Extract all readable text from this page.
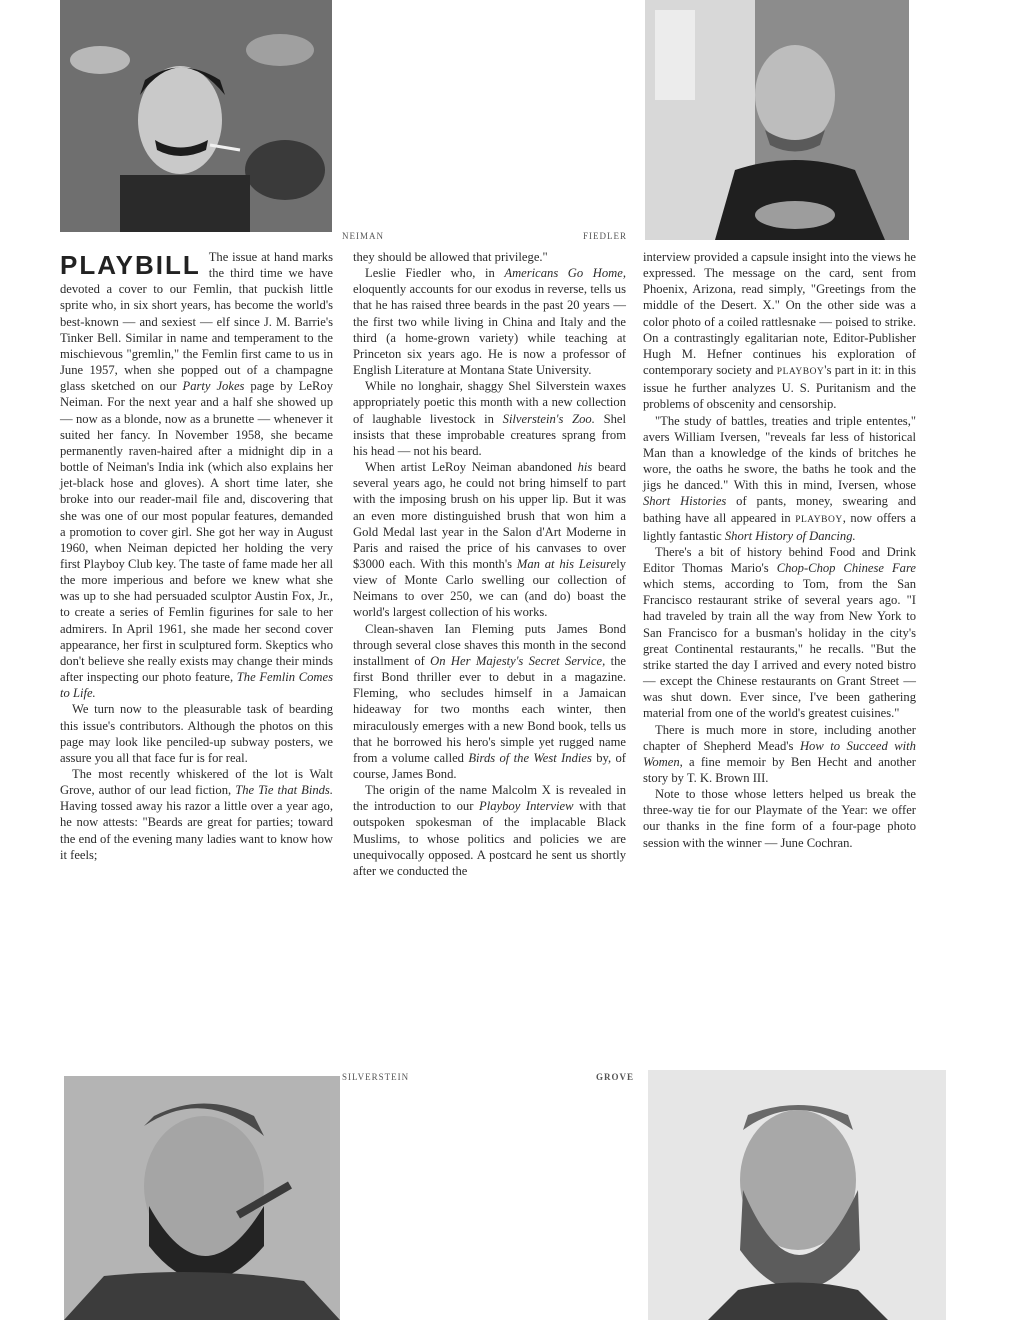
NEIMAN	FIEDLER
SILVERSTEIN	GROVE

PLAYBILL The issue at hand marks the third time we have devoted a cover to our Femlin, that puckish little sprite who, in six short years, has become the world's best-known — and sexiest — elf since J. M. Barrie's Tinker Bell. Similar in name and temperament to the mischievous "gremlin," the Femlin first came to us in June 1957, when she popped out of a champagne glass sketched on our Party Jokes page by LeRoy Neiman. For the next year and a half she showed up — now as a blonde, now as a brunette — whenever it suited her fancy. In November 1958, she became permanently raven-haired after a midnight dip in a bottle of Neiman's India ink (which also explains her jet-black hose and gloves). A short time later, she broke into our reader-mail file and, discovering that she was one of our most popular features, demanded a promotion to cover girl. She got her way in August 1960, when Neiman depicted her holding the very first Playboy Club key. The taste of fame made her all the more imperious and before we knew what she was up to she had persuaded sculptor Austin Fox, Jr., to create a series of Femlin figurines for sale to her admirers. In April 1961, she made her second cover appearance, her first in sculptured form. Skeptics who don't believe she really exists may change their minds after inspecting our photo feature, The Femlin Comes to Life.

We turn now to the pleasurable task of bearding this issue's contributors. Although the photos on this page may look like penciled-up subway posters, we assure you all that face fur is for real.

The most recently whiskered of the lot is Walt Grove, author of our lead fiction, The Tie that Binds. Having tossed away his razor a little over a year ago, he now attests: "Beards are great for parties; toward the end of the evening many ladies want to know how it feels;

they should be allowed that privilege."

Leslie Fiedler who, in Americans Go Home, eloquently accounts for our exodus in reverse, tells us that he has raised three beards in the past 20 years — the first two while living in China and Italy and the third (a home-grown variety) while teaching at Princeton six years ago. He is now a professor of English Literature at Montana State University.

While no longhair, shaggy Shel Silverstein waxes appropriately poetic this month with a new collection of laughable livestock in Silverstein's Zoo. Shel insists that these improbable creatures sprang from his head — not his beard.

When artist LeRoy Neiman abandoned his beard several years ago, he could not bring himself to part with the imposing brush on his upper lip. But it was an even more distinguished brush that won him a Gold Medal last year in the Salon d'Art Moderne in Paris and raised the price of his canvases to over $3000 each. With this month's Man at his Leisurely view of Monte Carlo swelling our collection of Neimans to over 250, we can (and do) boast the world's largest collection of his works.

Clean-shaven Ian Fleming puts James Bond through several close shaves this month in the second installment of On Her Majesty's Secret Service, the first Bond thriller ever to debut in a magazine. Fleming, who secludes himself in a Jamaican hideaway for two months each winter, then miraculously emerges with a new Bond book, tells us that he borrowed his hero's simple yet rugged name from a volume called Birds of the West Indies by, of course, James Bond.

The origin of the name Malcolm X is revealed in the introduction to our Playboy Interview with that outspoken spokesman of the implacable Black Muslims, to whose politics and policies we are unequivocally opposed. A postcard he sent us shortly after we conducted the

interview provided a capsule insight into the views he expressed. The message on the card, sent from Phoenix, Arizona, read simply, "Greetings from the middle of the Desert. X." On the other side was a color photo of a coiled rattlesnake — poised to strike. On a contrastingly egalitarian note, Editor-Publisher Hugh M. Hefner continues his exploration of contemporary society and PLAYBOY's part in it: in this issue he further analyzes U. S. Puritanism and the problems of obscenity and censorship.

"The study of battles, treaties and triple ententes," avers William Iversen, "reveals far less of historical Man than a knowledge of the kinds of britches he wore, the oaths he swore, the baths he took and the jigs he danced." With this in mind, Iversen, whose Short Histories of pants, money, swearing and bathing have all appeared in PLAYBOY, now offers a lightly fantastic Short History of Dancing.

There's a bit of history behind Food and Drink Editor Thomas Mario's Chop-Chop Chinese Fare which stems, according to Tom, from the San Francisco restaurant strike of several years ago. "I had traveled by train all the way from New York to San Francisco for a busman's holiday in the city's great Continental restaurants," he recalls. "But the strike started the day I arrived and every noted bistro — except the Chinese restaurants on Grant Street — was shut down. Ever since, I've been gathering material from one of the world's greatest cuisines."

There is much more in store, including another chapter of Shepherd Mead's How to Succeed with Women, a fine memoir by Ben Hecht and another story by T. K. Brown III.

Note to those whose letters helped us break the three-way tie for our Playmate of the Year: we offer our thanks in the fine form of a four-page photo session with the winner — June Cochran.
